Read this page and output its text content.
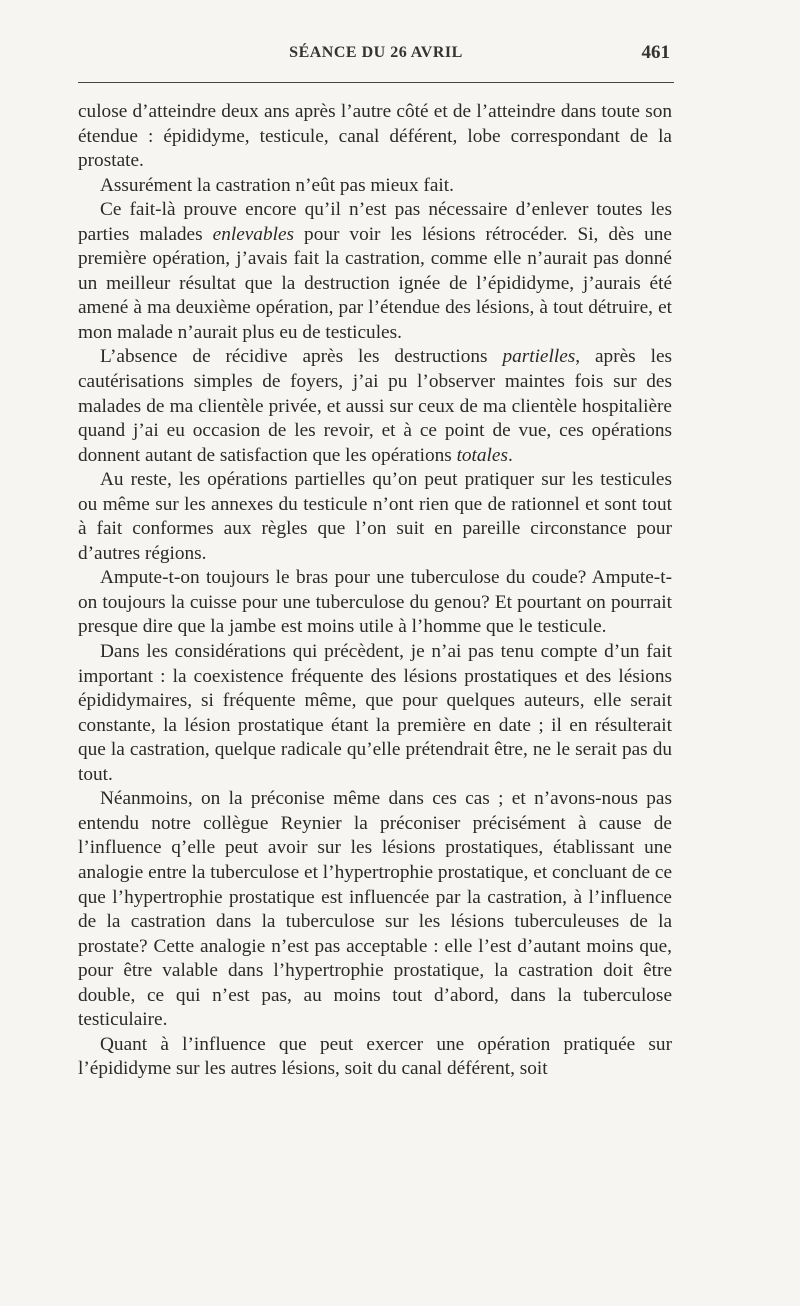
SÉANCE DU 26 AVRIL	461

culose d’atteindre deux ans après l’autre côté et de l’atteindre dans toute son étendue : épididyme, testicule, canal déférent, lobe correspondant de la prostate.

Assurément la castration n’eût pas mieux fait.

Ce fait-là prouve encore qu’il n’est pas nécessaire d’enlever toutes les parties malades enlevables pour voir les lésions rétrocéder. Si, dès une première opération, j’avais fait la castration, comme elle n’aurait pas donné un meilleur résultat que la destruction ignée de l’épididyme, j’aurais été amené à ma deuxième opération, par l’étendue des lésions, à tout détruire, et mon malade n’aurait plus eu de testicules.

L’absence de récidive après les destructions partielles, après les cautérisations simples de foyers, j’ai pu l’observer maintes fois sur des malades de ma clientèle privée, et aussi sur ceux de ma clientèle hospitalière quand j’ai eu occasion de les revoir, et à ce point de vue, ces opérations donnent autant de satisfaction que les opérations totales.

Au reste, les opérations partielles qu’on peut pratiquer sur les testicules ou même sur les annexes du testicule n’ont rien que de rationnel et sont tout à fait conformes aux règles que l’on suit en pareille circonstance pour d’autres régions.

Ampute-t-on toujours le bras pour une tuberculose du coude? Ampute-t-on toujours la cuisse pour une tuberculose du genou? Et pourtant on pourrait presque dire que la jambe est moins utile à l’homme que le testicule.

Dans les considérations qui précèdent, je n’ai pas tenu compte d’un fait important : la coexistence fréquente des lésions prostatiques et des lésions épididymaires, si fréquente même, que pour quelques auteurs, elle serait constante, la lésion prostatique étant la première en date ; il en résulterait que la castration, quelque radicale qu’elle prétendrait être, ne le serait pas du tout.

Néanmoins, on la préconise même dans ces cas ; et n’avons-nous pas entendu notre collègue Reynier la préconiser précisément à cause de l’influence q’elle peut avoir sur les lésions prostatiques, établissant une analogie entre la tuberculose et l’hypertrophie prostatique, et concluant de ce que l’hypertrophie prostatique est influencée par la castration, à l’influence de la castration dans la tuberculose sur les lésions tuberculeuses de la prostate? Cette analogie n’est pas acceptable : elle l’est d’autant moins que, pour être valable dans l’hypertrophie prostatique, la castration doit être double, ce qui n’est pas, au moins tout d’abord, dans la tuberculose testiculaire.

Quant à l’influence que peut exercer une opération pratiquée sur l’épididyme sur les autres lésions, soit du canal déférent, soit
